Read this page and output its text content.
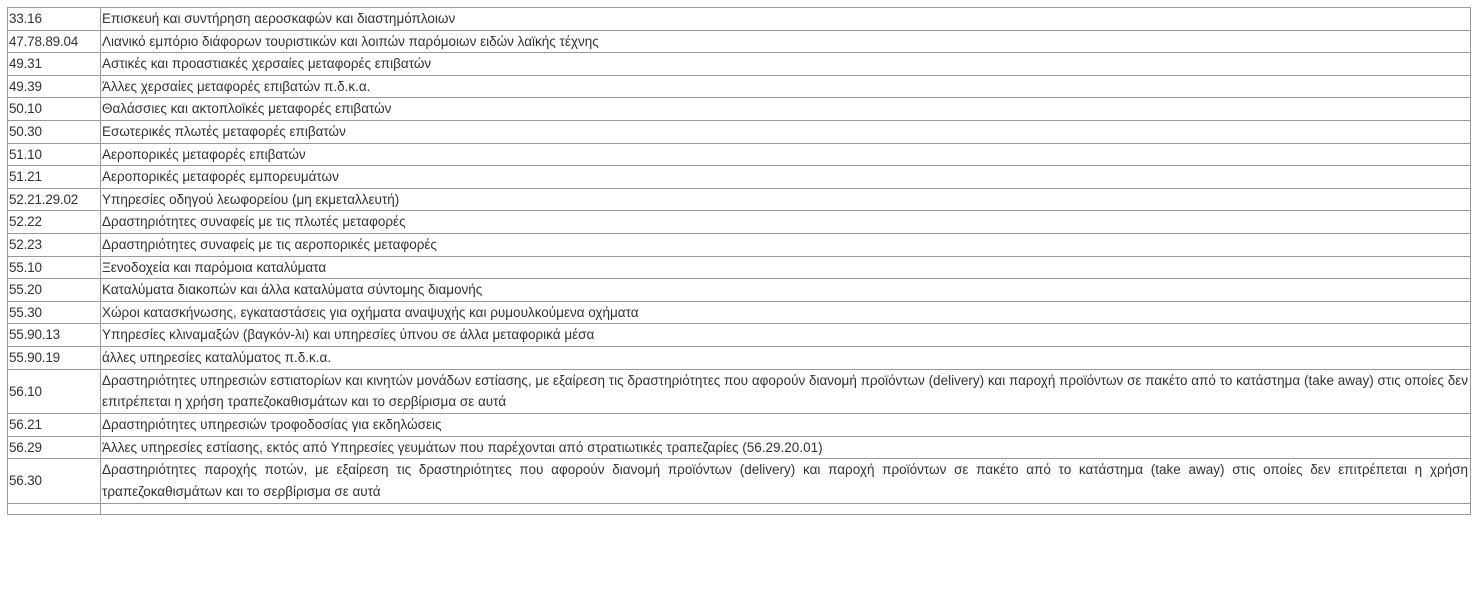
33.16	Επισκευή και συντήρηση αεροσκαφών και διαστημόπλοιων
47.78.89.04	Λιανικό εμπόριο διάφορων τουριστικών και λοιπών παρόμοιων ειδών λαϊκής τέχνης
49.31	Αστικές και προαστιακές χερσαίες μεταφορές επιβατών
49.39	Άλλες χερσαίες μεταφορές επιβατών π.δ.κ.α.
50.10	Θαλάσσιες και ακτοπλοϊκές μεταφορές επιβατών
50.30	Εσωτερικές πλωτές μεταφορές επιβατών
51.10	Αεροπορικές μεταφορές επιβατών
51.21	Αεροπορικές μεταφορές εμπορευμάτων
52.21.29.02	Υπηρεσίες οδηγού λεωφορείου (μη εκμεταλλευτή)
52.22	Δραστηριότητες συναφείς με τις πλωτές μεταφορές
52.23	Δραστηριότητες συναφείς με τις αεροπορικές μεταφορές
55.10	Ξενοδοχεία και παρόμοια καταλύματα
55.20	Καταλύματα διακοπών και άλλα καταλύματα σύντομης διαμονής
55.30	Χώροι κατασκήνωσης, εγκαταστάσεις για οχήματα αναψυχής και ρυμουλκούμενα οχήματα
55.90.13	Υπηρεσίες κλιναμαξών (βαγκόν-λι) και υπηρεσίες ύπνου σε άλλα μεταφορικά μέσα
55.90.19	άλλες υπηρεσίες καταλύματος π.δ.κ.α.
56.10	Δραστηριότητες υπηρεσιών εστιατορίων και κινητών μονάδων εστίασης, με εξαίρεση τις δραστηριότητες που αφορούν διανομή προϊόντων (delivery) και παροχή προϊόντων σε πακέτο από το κατάστημα (take away) στις οποίες δεν επιτρέπεται η χρήση τραπεζοκαθισμάτων και το σερβίρισμα σε αυτά
56.21	Δραστηριότητες υπηρεσιών τροφοδοσίας για εκδηλώσεις
56.29	Άλλες υπηρεσίες εστίασης, εκτός από Υπηρεσίες γευμάτων που παρέχονται από στρατιωτικές τραπεζαρίες (56.29.20.01)
56.30	Δραστηριότητες παροχής ποτών, με εξαίρεση τις δραστηριότητες που αφορούν διανομή προϊόντων (delivery) και παροχή προϊόντων σε πακέτο από το κατάστημα (take away) στις οποίες δεν επιτρέπεται η χρήση τραπεζοκαθισμάτων και το σερβίρισμα σε αυτά
